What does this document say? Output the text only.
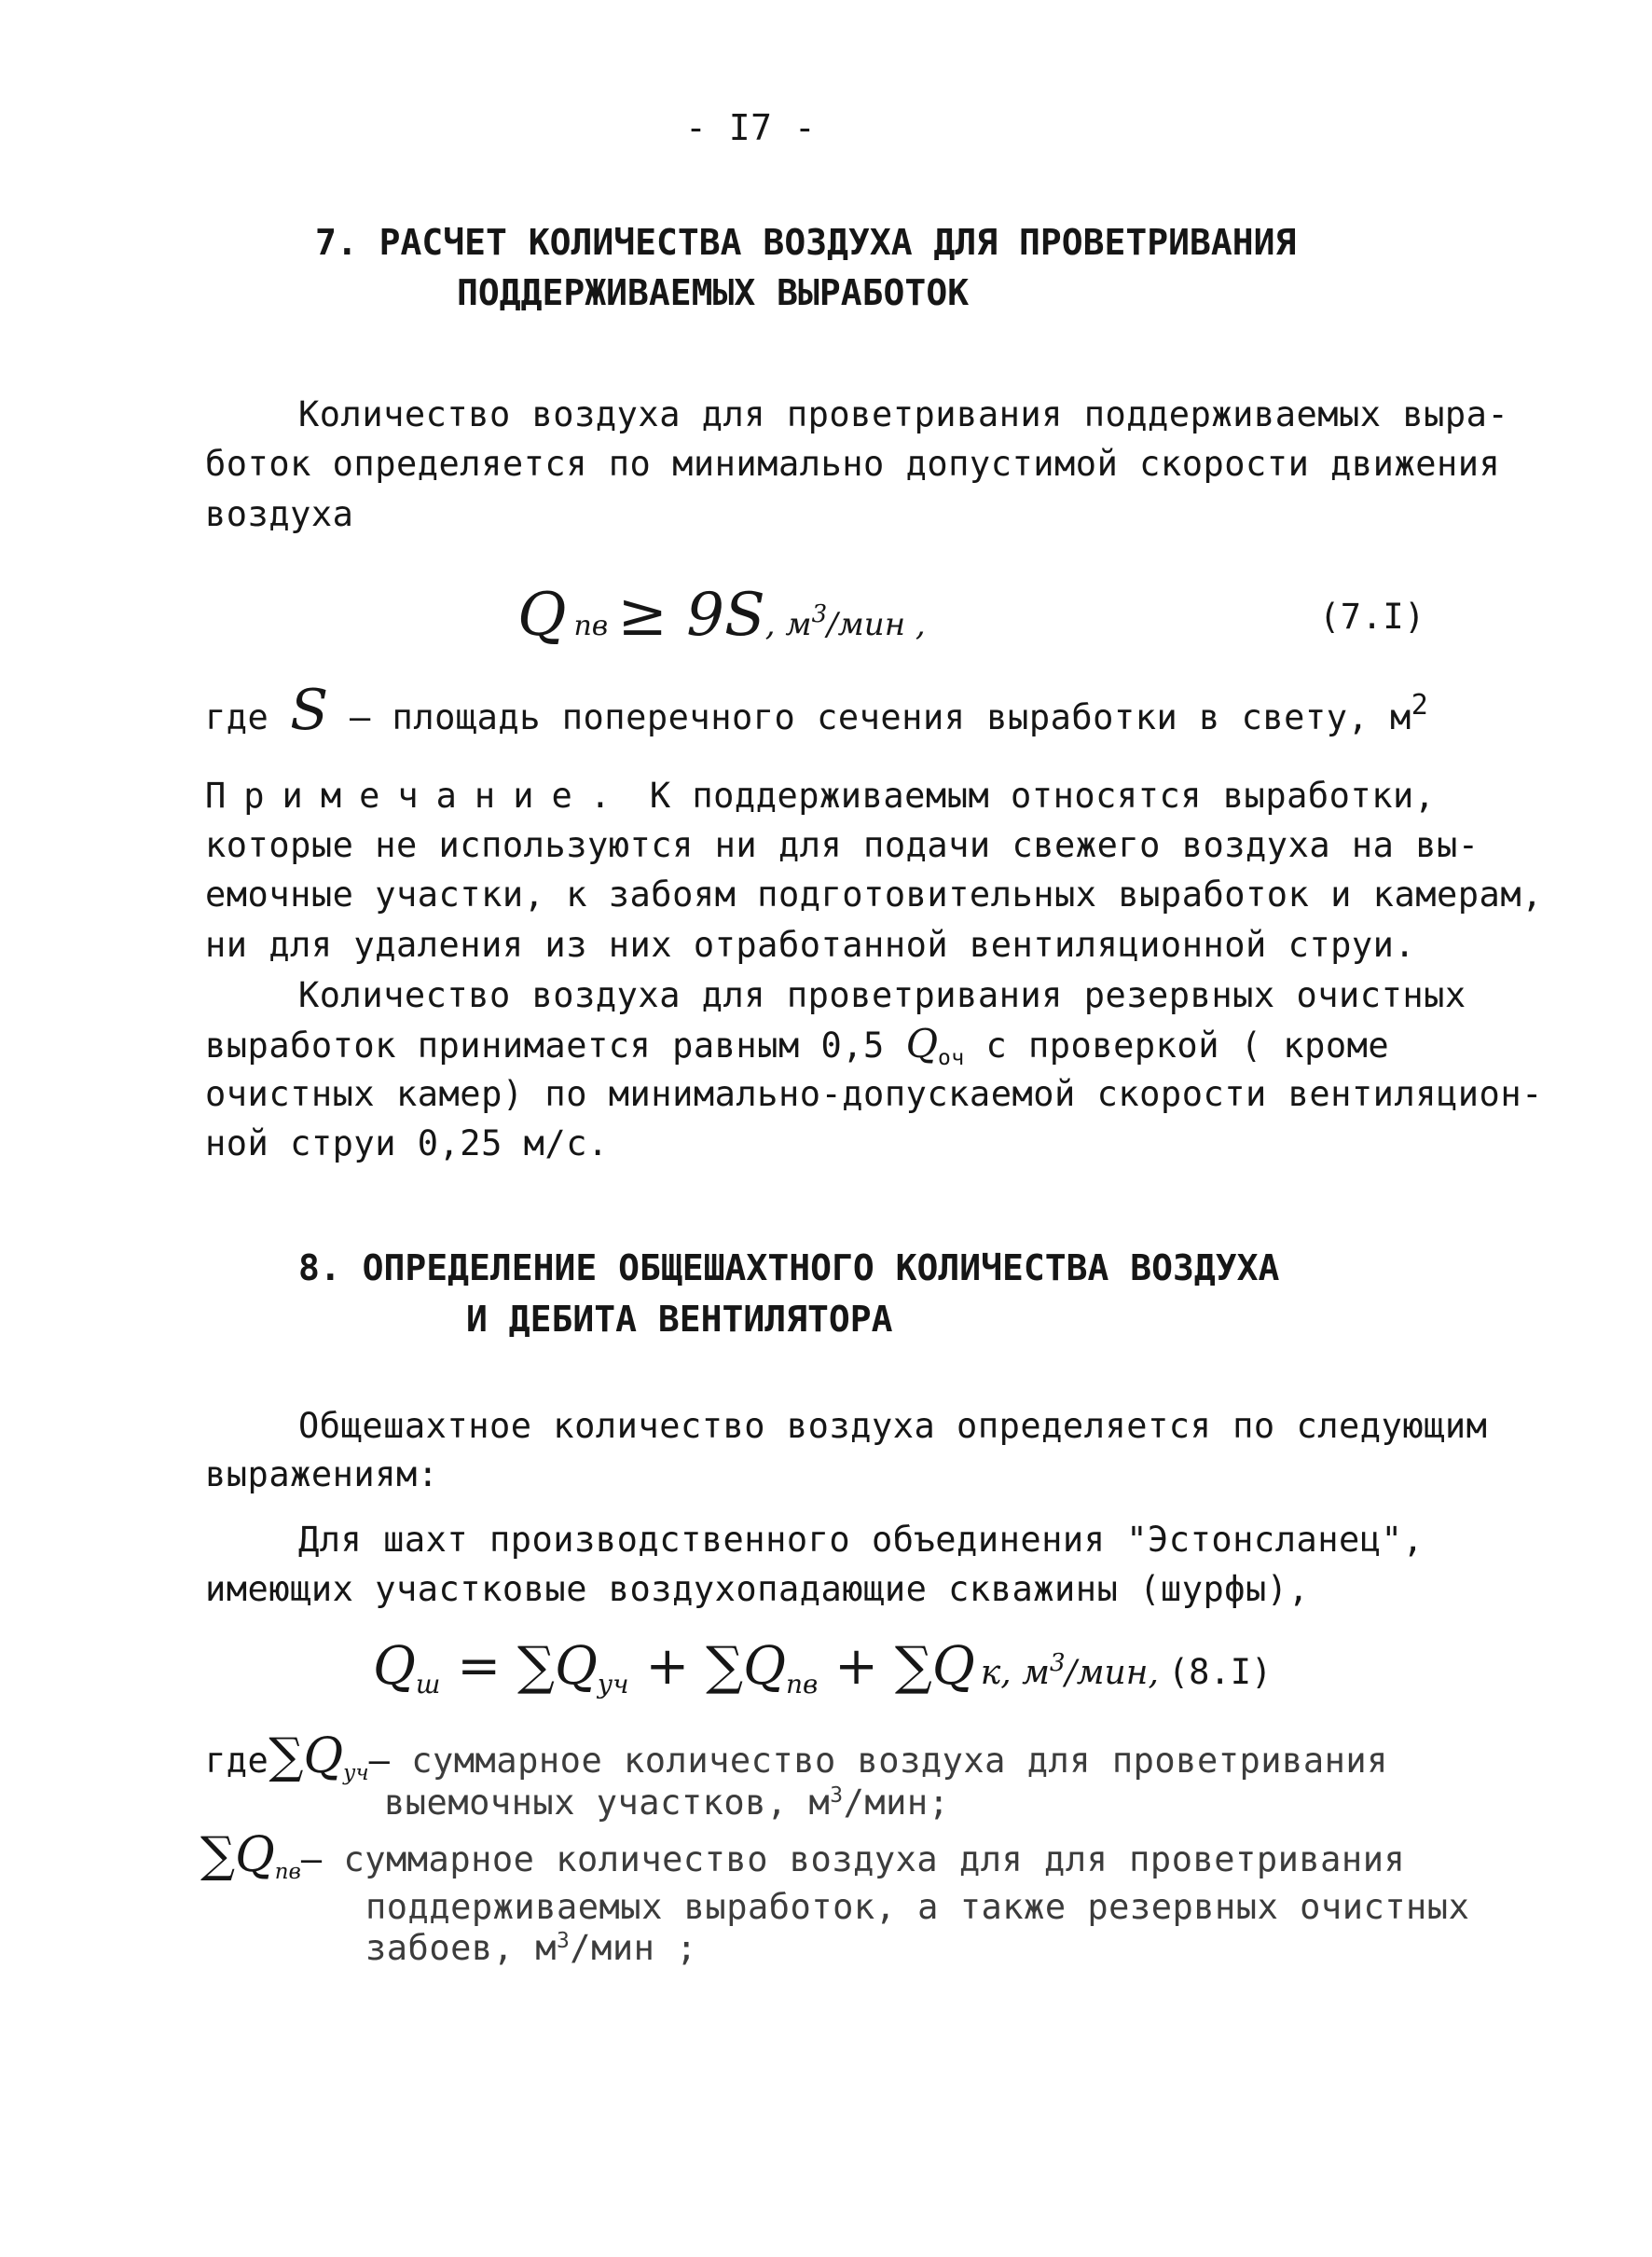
- I7 -
7. РАСЧЕТ КОЛИЧЕСТВА ВОЗДУХА ДЛЯ ПРОВЕТРИВАНИЯ
ПОДДЕРЖИВАЕМЫХ ВЫРАБОТОК
Количество воздуха для проветривания поддерживаемых выра-
боток определяется по минимально допустимой скорости движения
воздуха
Qпв ≥ 9S, $м^3$/мин ,	(7.I)
где S – площадь поперечного сечения выработки в свету, $м^2$
Примечание. К поддерживаемым относятся выработки,
которые не используются ни для подачи свежего воздуха на вы-
емочные участки, к забоям подготовительных выработок и камерам,
ни для удаления из них отработанной вентиляционной струи.
Количество воздуха для проветривания резервных очистных
выработок принимается равным 0,5 $Q_{оч}$ с проверкой ( кроме
очистных камер) по минимально-допускаемой скорости вентиляцион-
ной струи 0,25 м/с.
8. ОПРЕДЕЛЕНИЕ ОБЩЕШАХТНОГО КОЛИЧЕСТВА ВОЗДУХА
И ДЕБИТА ВЕНТИЛЯТОРА
Общешахтное количество воздуха определяется по следующим
выражениям:
Для шахт производственного объединения "Эстонсланец",
имеющих участковые воздухопадающие скважины (шурфы),
Qш = ∑Qуч + ∑Qпв + ∑Q к, $м^3$/мин, (8.I)
$где\sum Q_{уч}-$ суммарное количество воздуха для проветривания
выемочных участков, $м^3$/мин;
$\sum Q_{пв}-$ суммарное количество воздуха для для проветривания
поддерживаемых выработок, а также резервных очистных
забоев, $м^3$/мин ;
